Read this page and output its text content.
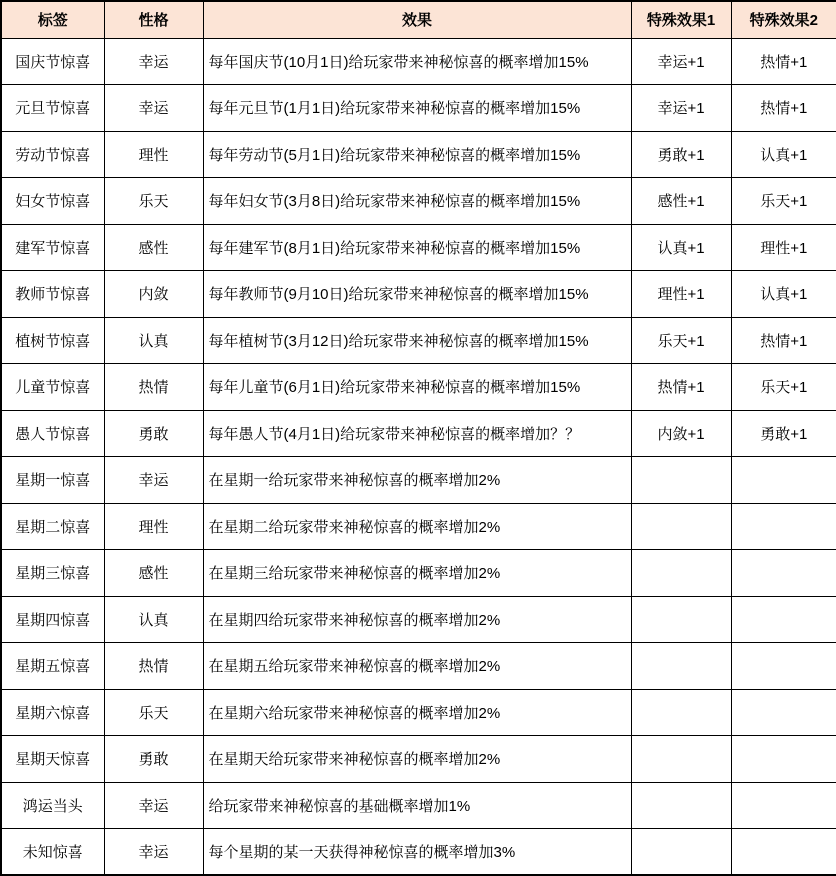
标签	性格	效果	特殊效果1	特殊效果2
国庆节惊喜	幸运	每年国庆节(10月1日)给玩家带来神秘惊喜的概率增加15%	幸运+1	热情+1
元旦节惊喜	幸运	每年元旦节(1月1日)给玩家带来神秘惊喜的概率增加15%	幸运+1	热情+1
劳动节惊喜	理性	每年劳动节(5月1日)给玩家带来神秘惊喜的概率增加15%	勇敢+1	认真+1
妇女节惊喜	乐天	每年妇女节(3月8日)给玩家带来神秘惊喜的概率增加15%	感性+1	乐天+1
建军节惊喜	感性	每年建军节(8月1日)给玩家带来神秘惊喜的概率增加15%	认真+1	理性+1
教师节惊喜	内敛	每年教师节(9月10日)给玩家带来神秘惊喜的概率增加15%	理性+1	认真+1
植树节惊喜	认真	每年植树节(3月12日)给玩家带来神秘惊喜的概率增加15%	乐天+1	热情+1
儿童节惊喜	热情	每年儿童节(6月1日)给玩家带来神秘惊喜的概率增加15%	热情+1	乐天+1
愚人节惊喜	勇敢	每年愚人节(4月1日)给玩家带来神秘惊喜的概率增加？？	内敛+1	勇敢+1
星期一惊喜	幸运	在星期一给玩家带来神秘惊喜的概率增加2%		
星期二惊喜	理性	在星期二给玩家带来神秘惊喜的概率增加2%		
星期三惊喜	感性	在星期三给玩家带来神秘惊喜的概率增加2%		
星期四惊喜	认真	在星期四给玩家带来神秘惊喜的概率增加2%		
星期五惊喜	热情	在星期五给玩家带来神秘惊喜的概率增加2%		
星期六惊喜	乐天	在星期六给玩家带来神秘惊喜的概率增加2%		
星期天惊喜	勇敢	在星期天给玩家带来神秘惊喜的概率增加2%		
鸿运当头	幸运	给玩家带来神秘惊喜的基础概率增加1%		
未知惊喜	幸运	每个星期的某一天获得神秘惊喜的概率增加3%		
